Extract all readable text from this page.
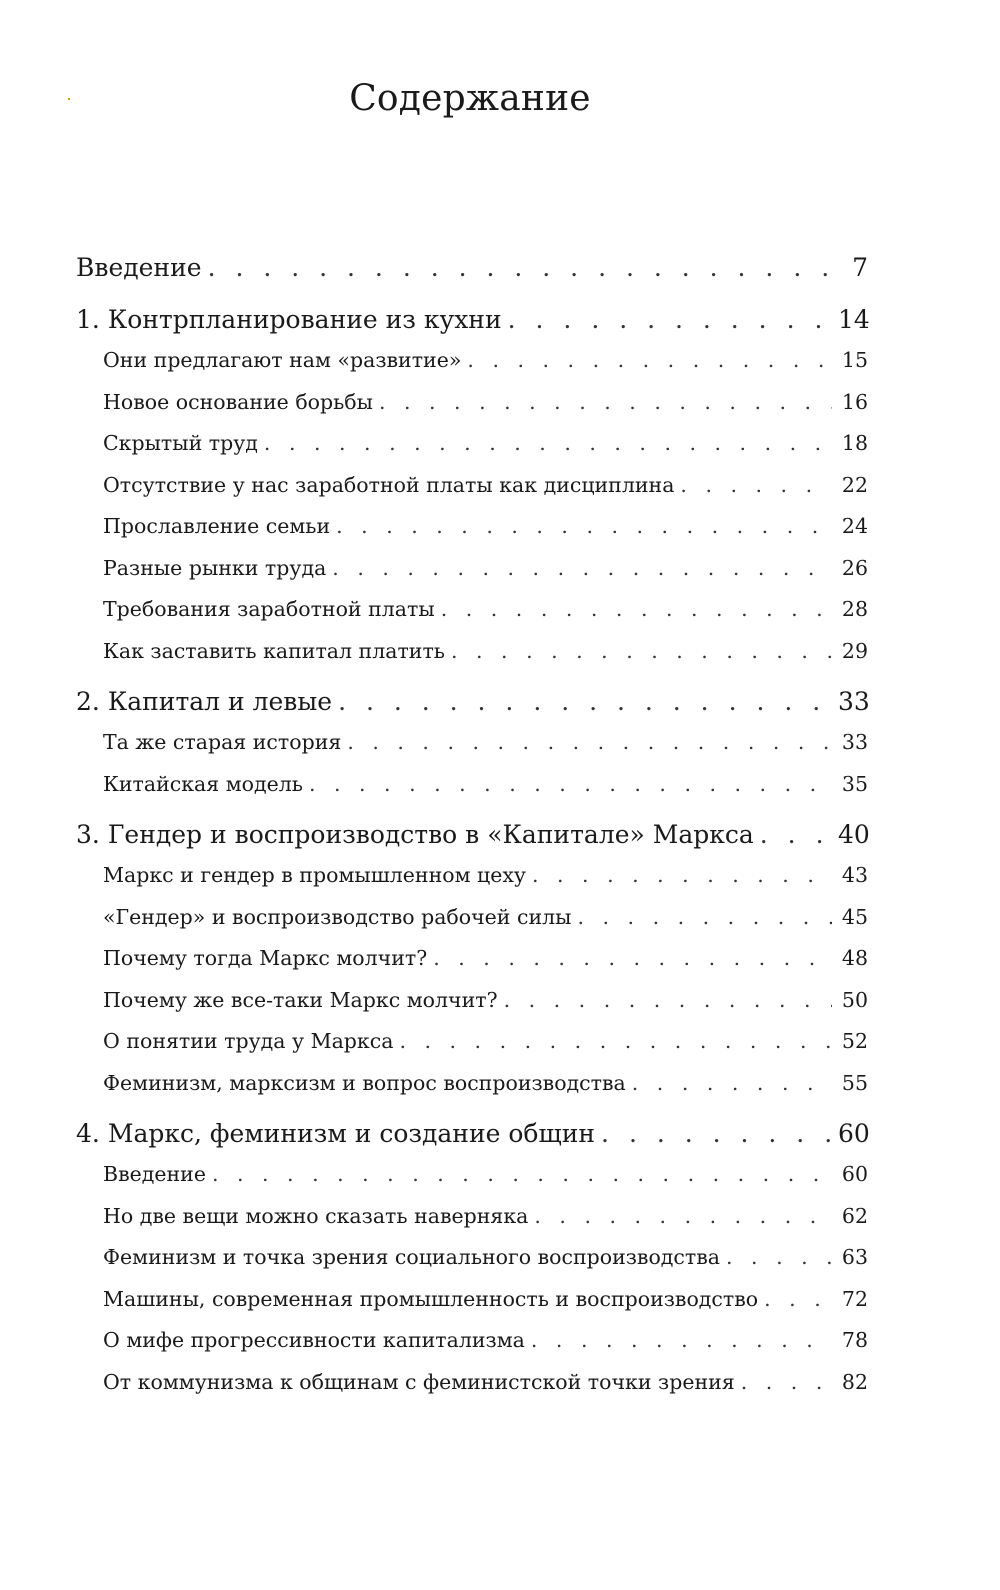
Содержание
Введение . . .	7
1. Контрпланирование из кухни . . .	14
Они предлагают нам «развитие» . . .	15
Новое основание борьбы . . .	16
Скрытый труд . . .	18
Отсутствие у нас заработной платы как дисциплина . . .	22
Прославление семьи . . .	24
Разные рынки труда . . .	26
Требования заработной платы . . .	28
Как заставить капитал платить . . .	29
2. Капитал и левые . . .	33
Та же старая история . . .	33
Китайская модель . . .	35
3. Гендер и воспроизводство в «Капитале» Маркса . . .	40
Маркс и гендер в промышленном цеху . . .	43
«Гендер» и воспроизводство рабочей силы . . .	45
Почему тогда Маркс молчит? . . .	48
Почему же все-таки Маркс молчит? . . .	50
О понятии труда у Маркса . . .	52
Феминизм, марксизм и вопрос воспроизводства . . .	55
4. Маркс, феминизм и создание общин . . .	60
Введение . . .	60
Но две вещи можно сказать наверняка . . .	62
Феминизм и точка зрения социального воспроизводства . . .	63
Машины, современная промышленность и воспроизводство . . .	72
О мифе прогрессивности капитализма . . .	78
От коммунизма к общинам с феминистской точки зрения . . .	82
